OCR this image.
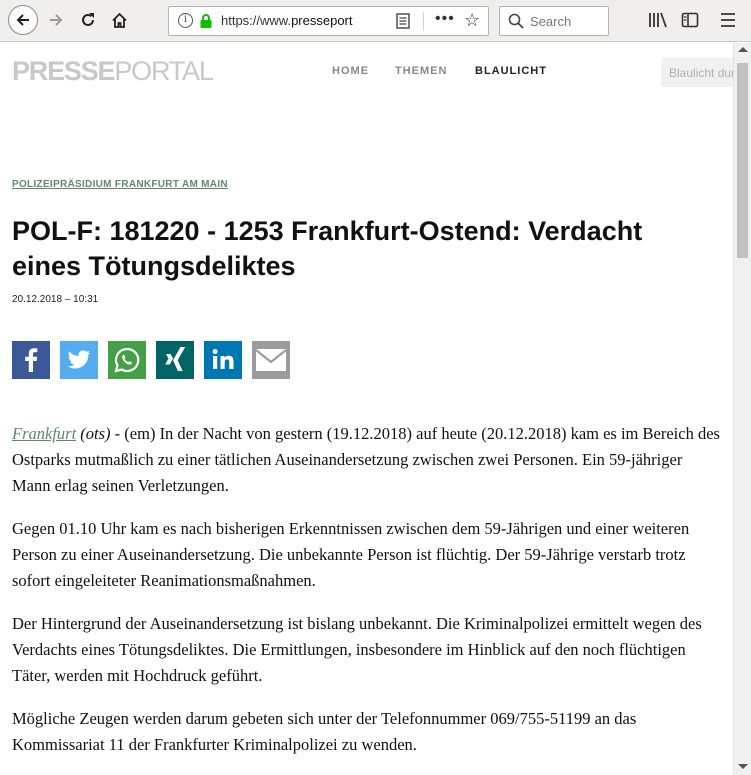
i	https://www.presseport	••• ☆
Search
PRESSEPORTAL	HOME THEMEN	BLAULICHT
Blaulicht durchsuchen
POLIZEIPRÄSIDIUM FRANKFURT AM MAIN
POL-F: 181220 - 1253 Frankfurt-Ostend: Verdacht eines Tötungsdeliktes
20.12.2018 – 10:31

Frankfurt (ots) - (em) In der Nacht von gestern (19.12.2018) auf heute (20.12.2018) kam es im Bereich des Ostparks mutmaßlich zu einer tätlichen Auseinandersetzung zwischen zwei Personen. Ein 59-jähriger Mann erlag seinen Verletzungen.

Gegen 01.10 Uhr kam es nach bisherigen Erkenntnissen zwischen dem 59-Jährigen und einer weiteren Person zu einer Auseinandersetzung. Die unbekannte Person ist flüchtig. Der 59-Jährige verstarb trotz sofort eingeleiteter Reanimationsmaßnahmen.

Der Hintergrund der Auseinandersetzung ist bislang unbekannt. Die Kriminalpolizei ermittelt wegen des Verdachts eines Tötungsdeliktes. Die Ermittlungen, insbesondere im Hinblick auf den noch flüchtigen Täter, werden mit Hochdruck geführt.

Mögliche Zeugen werden darum gebeten sich unter der Telefonnummer 069/755-51199 an das Kommissariat 11 der Frankfurter Kriminalpolizei zu wenden.
